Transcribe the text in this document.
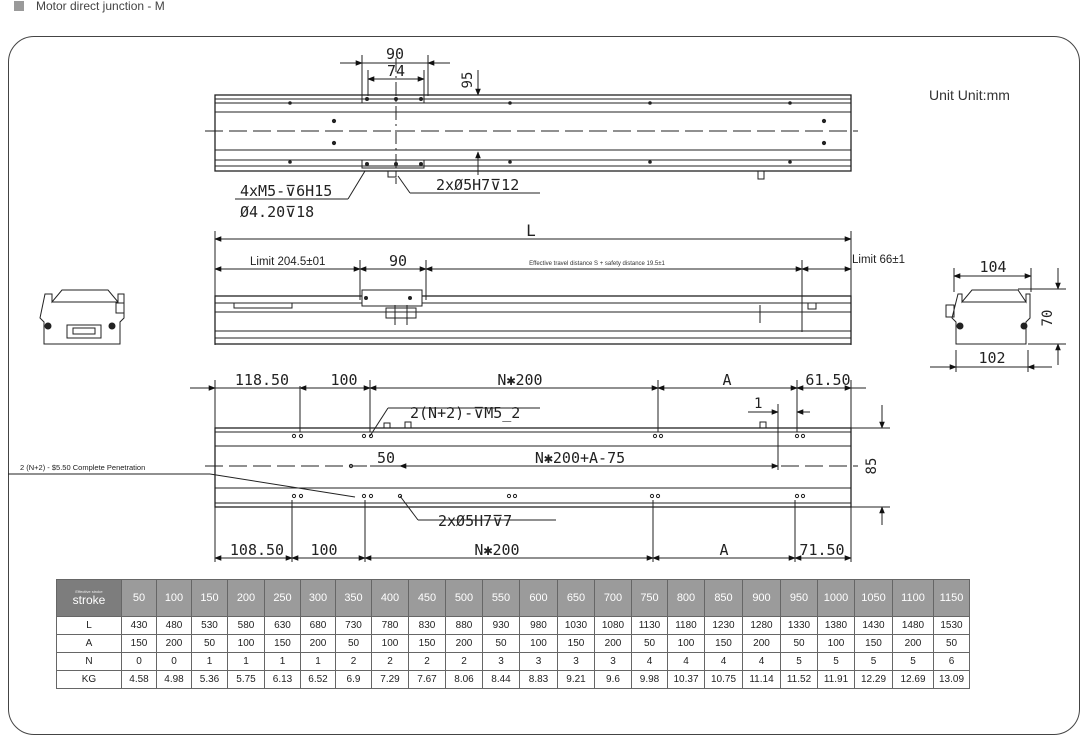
Motor direct junction - M
Unit Unit:mm
90
74	95
4xM5-⊽6H15
Ø4.20⊽18
2xØ5H7⊽12
L
Limit 204.5±01	90	Effective travel distance S + safety distance 19.5±1	Limit 66±1	104
70
102
118.50	100	N✱200	A	61.50
1
2(N+2)-⊽M5̲2
50	N✱200+A-75	85
2 (N+2) - $5.50 Complete Penetration
2xØ5H7⊽7
108.50 100	N✱200	A	71.50
Effective stroke
stroke	50	100	150	200	250	300	350	400	450	500	550	600	650	700	750	800	850	900	950	1000	1050	1100	1150
L	430	480	530	580	630	680	730	780	830	880	930	980	1030	1080	1130	1180	1230	1280	1330	1380	1430	1480	1530
A	150	200	50	100	150	200	50	100	150	200	50	100	150	200	50	100	150	200	50	100	150	200	50
N	0	0	1	1	1	1	2	2	2	2	3	3	3	3	4	4	4	4	5	5	5	5	6
KG	4.58	4.98	5.36	5.75	6.13	6.52	6.9	7.29	7.67	8.06	8.44	8.83	9.21	9.6	9.98	10.37	10.75	11.14	11.52	11.91	12.29	12.69	13.09
